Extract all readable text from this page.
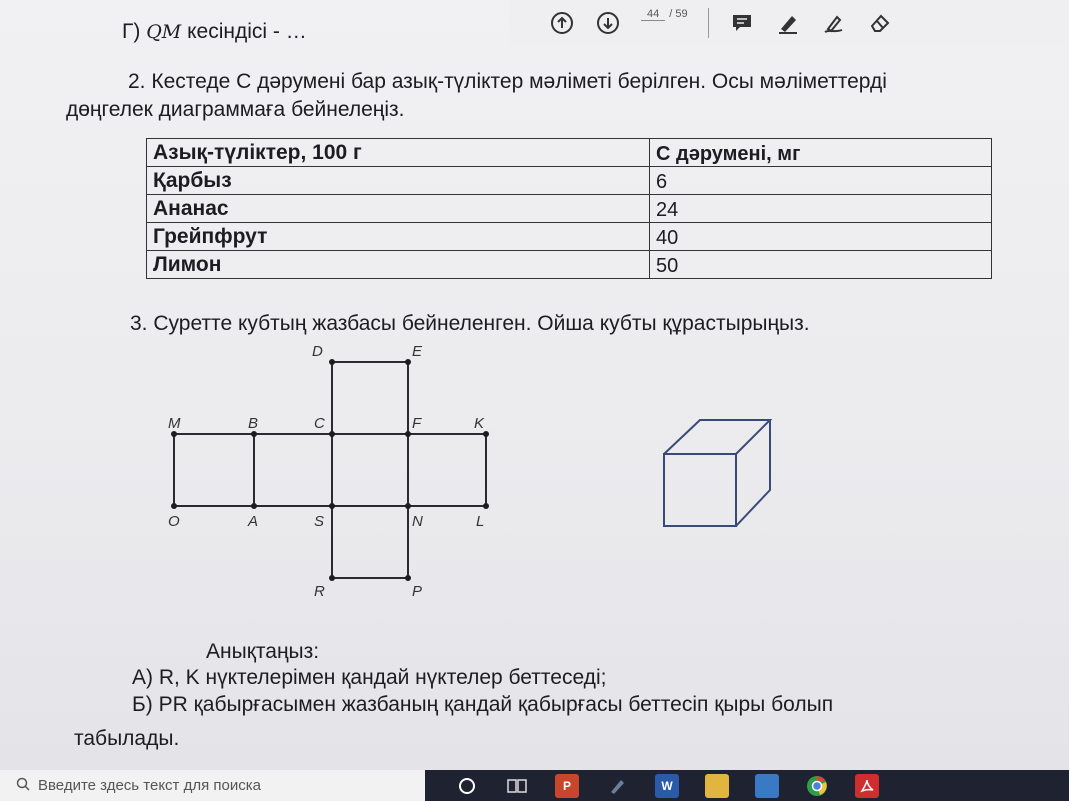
44 / 59
Г) QM кесіндісі - …
2. Кестеде С дәрумені бар азық-түліктер мәліметі берілген. Осы мәліметтерді
дөңгелек диаграммаға бейнелеңіз.
Азық-түліктер, 100 г	С дәрумені, мг
Қарбыз	6
Ананас	24
Грейпфрут	40
Лимон	50
3. Суретте кубтың жазбасы бейнеленген. Ойша кубты құрастырыңыз.
D	E
M	B	C	F	K
O	A	S	N	L
R	P
Анықтаңыз:
А) R, K нүктелерімен қандай нүктелер беттеседі;
Б) PR қабырғасымен жазбаның қандай қабырғасы беттесіп қыры болып
табылады.
Введите здесь текст для поиска	P	W
